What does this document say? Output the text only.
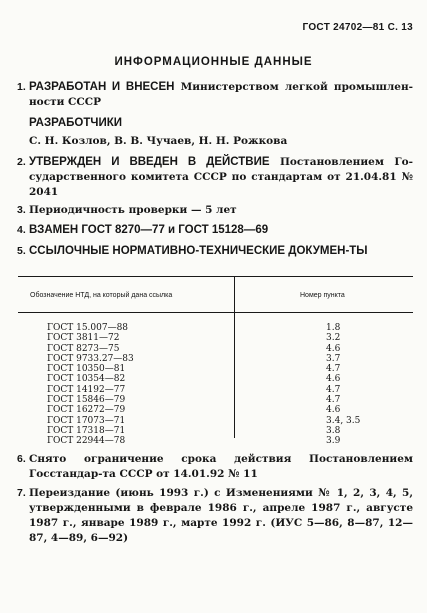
ГОСТ 24702—81 С. 13
ИНФОРМАЦИОННЫЕ ДАННЫЕ
1. РАЗРАБОТАН И ВНЕСЕН Министерством легкой промышлен-ности СССР
РАЗРАБОТЧИКИ
С. Н. Козлов, В. В. Чучаев, Н. Н. Рожкова
2. УТВЕРЖДЕН И ВВЕДЕН В ДЕЙСТВИЕ Постановлением Го-сударственного комитета СССР по стандартам от 21.04.81 № 2041
3. Периодичность проверки — 5 лет
4. ВЗАМЕН ГОСТ 8270—77 и ГОСТ 15128—69
5. ССЫЛОЧНЫЕ НОРМАТИВНО-ТЕХНИЧЕСКИЕ ДОКУМЕН-ТЫ
Обозначение НТД, на который дана ссылка	Номер пункта
ГОСТ 15.007—88	1.8
ГОСТ 3811—72	3.2
ГОСТ 8273—75	4.6
ГОСТ 9733.27—83	3.7
ГОСТ 10350—81	4.7
ГОСТ 10354—82	4.6
ГОСТ 14192—77	4.7
ГОСТ 15846—79	4.7
ГОСТ 16272—79	4.6
ГОСТ 17073—71	3.4, 3.5
ГОСТ 17318—71	3.8
ГОСТ 22944—78	3.9
6. Снято ограничение срока действия Постановлением Госстандар-та СССР от 14.01.92 № 11
7. Переиздание (июнь 1993 г.) с Изменениями № 1, 2, 3, 4, 5, утвержденными в феврале 1986 г., апреле 1987 г., августе 1987 г., январе 1989 г., марте 1992 г. (ИУС 5—86, 8—87, 12—87, 4—89, 6—92)
